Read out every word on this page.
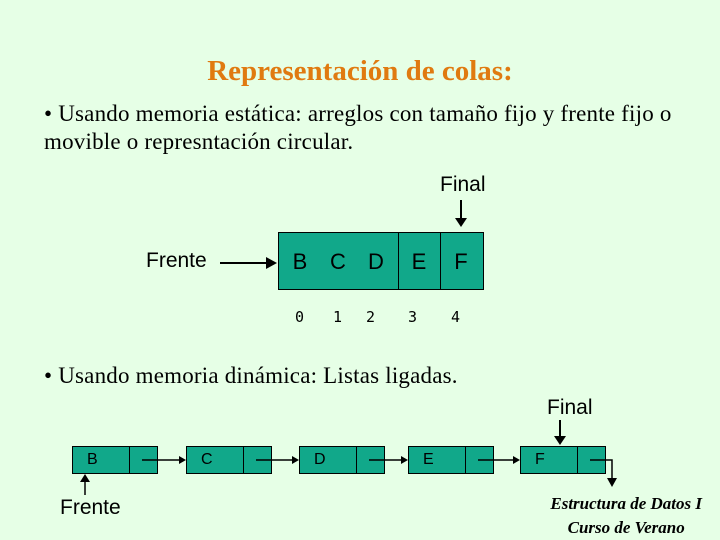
Representación de colas:
• Usando memoria estática: arreglos con tamaño fijo y frente fijo o movible o represntación circular.
Final
Frente	B	C	D	E	F
0 1 2 3 4
• Usando memoria dinámica: Listas ligadas.
Final
B	C	D	E	F
Frente	Estructura de Datos I
Curso de Verano
